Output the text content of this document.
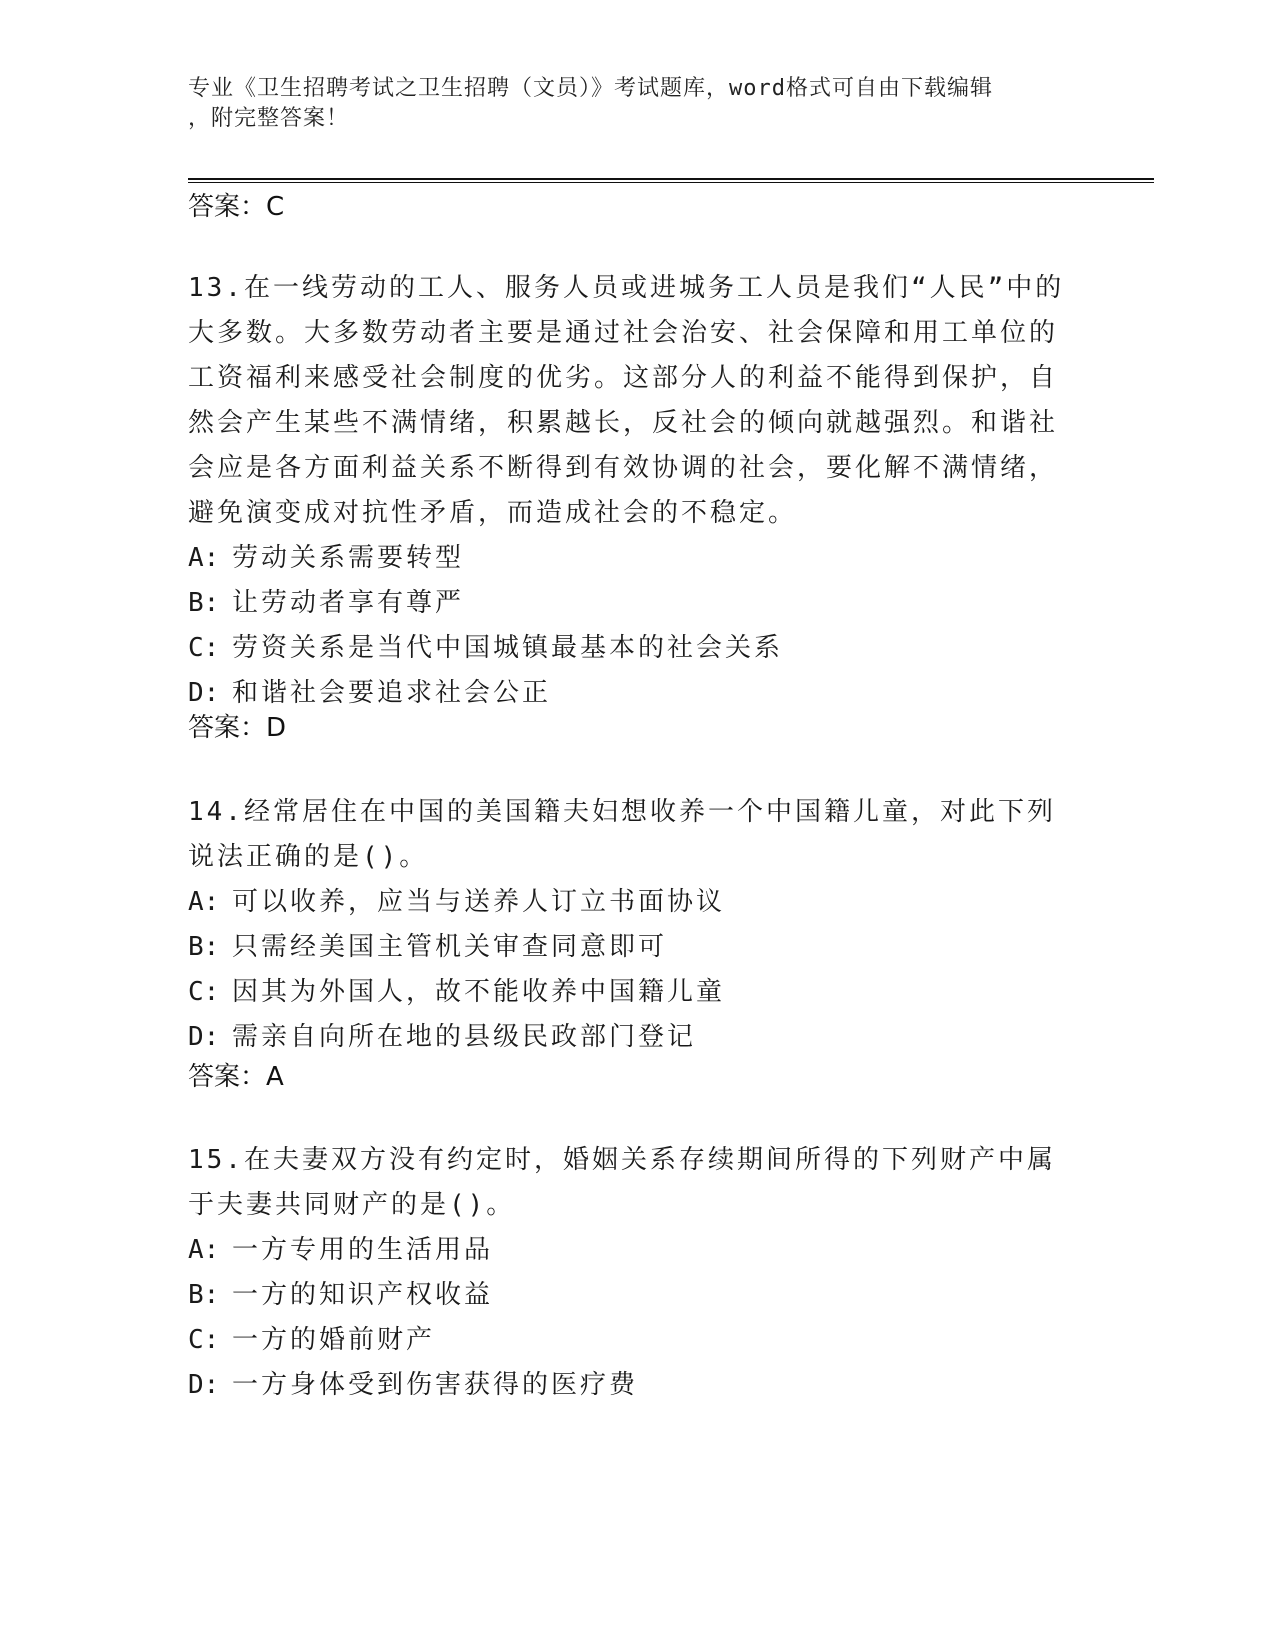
专业《卫生招聘考试之卫生招聘（文员）》考试题库，word格式可自由下载编辑
，附完整答案！
答案：C
13.在一线劳动的工人、服务人员或进城务工人员是我们“人民”中的大多数。大多数劳动者主要是通过社会治安、社会保障和用工单位的工资福利来感受社会制度的优劣。这部分人的利益不能得到保护，自然会产生某些不满情绪，积累越长，反社会的倾向就越强烈。和谐社会应是各方面利益关系不断得到有效协调的社会，要化解不满情绪，避免演变成对抗性矛盾，而造成社会的不稳定。
A: 劳动关系需要转型
B: 让劳动者享有尊严
C: 劳资关系是当代中国城镇最基本的社会关系
D: 和谐社会要追求社会公正
答案：D
14.经常居住在中国的美国籍夫妇想收养一个中国籍儿童，对此下列说法正确的是()。
A: 可以收养，应当与送养人订立书面协议
B: 只需经美国主管机关审查同意即可
C: 因其为外国人，故不能收养中国籍儿童
D: 需亲自向所在地的县级民政部门登记
答案：A
15.在夫妻双方没有约定时，婚姻关系存续期间所得的下列财产中属于夫妻共同财产的是()。
A: 一方专用的生活用品
B: 一方的知识产权收益
C: 一方的婚前财产
D: 一方身体受到伤害获得的医疗费
